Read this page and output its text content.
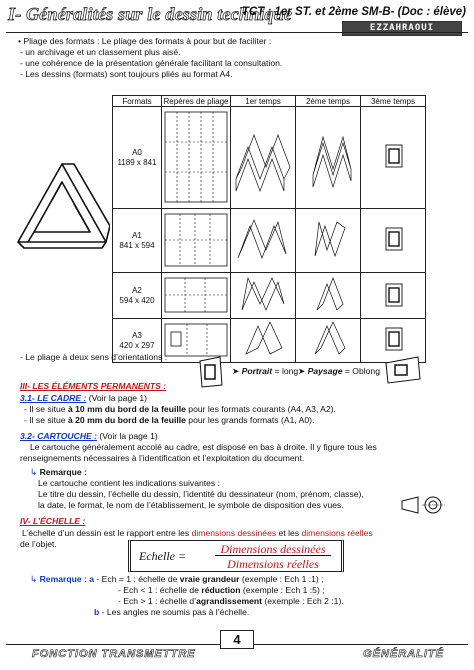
I- Généralités sur le dessin technique
TCT ; 1er ST. et 2ème SM-B- (Doc : élève)
EZZAHRAOUI

• Pliage des formats : Le pliage des formats à pour but de faciliter :

- un archivage et un classement plus aisé.

- une cohérence de la présentation générale facilitant la consultation.

- Les dessins (formats) sont toujours pliés au format A4.

Formats	Repères de pliage	1er temps	2ème temps	3ème temps

A0
1189 x 841

A1
841 x 594

A2
594 x 420

A3
420 x 297

- Le pliage à deux sens d’orientations :

➤ Portrait = long ➤ Paysage = Oblong

III- LES ÉLÉMENTS PERMANENTS :

3.1- LE CADRE : (Voir la page 1)

- Il se situe à 10 mm du bord de la feuille pour les formats courants (A4, A3, A2).

- Il se situe à 20 mm du bord de la feuille pour les grands formats (A1, A0).

3.2- CARTOUCHE : (Voir la page 1)

Le cartouche généralement accolé au cadre, est disposé en bas à droite. Il y figure tous les

renseignements nécessaires à l’identification et l’exploitation du document.

↳ Remarque :

Le cartouche contient les indications suivantes :

Le titre du dessin, l’échelle du dessin, l’identité du dessinateur (nom, prénom, classe),

la date, le format, le nom de l’établissement, le symbole de disposition des vues.

IV- L’ÉCHELLE :

L’échelle d’un dessin est le rapport entre les dimensions dessinées et les dimensions réelles

de l’objet.

Echelle =	Dimensions dessinées
Dimensions réelles

↳ Remarque : a - Ech = 1 : échelle de vraie grandeur (exemple : Ech 1 :1) ;

- Ech < 1 : échelle de réduction (exemple : Ech 1 :5) ;

- Ech > 1 : échelle d’agrandissement (exemple : Ech 2 :1).

b - Les angles ne soumis pas à l’échelle.

4
FONCTION TRANSMETTRE	GÉNÉRALITÉ
